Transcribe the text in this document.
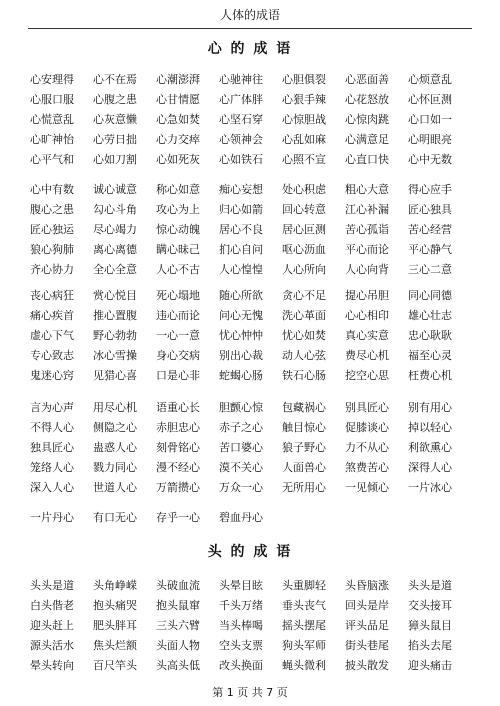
人体的成语
心 的 成 语
心安理得	心不在焉	心潮澎湃	心驰神往	心胆俱裂	心恶面善	心烦意乱
心服口服	心腹之患	心甘情愿	心广体胖	心狠手辣	心花怒放	心怀叵测
心慌意乱	心灰意懒	心急如焚	心坚石穿	心惊胆战	心惊肉跳	心口如一
心旷神怡	心劳日拙	心力交瘁	心领神会	心乱如麻	心满意足	心明眼亮
心平气和	心如刀割	心如死灰	心如铁石	心照不宣	心直口快	心中无数
心中有数	诚心诚意	称心如意	痴心妄想	处心积虑	粗心大意	得心应手
腹心之患	勾心斗角	攻心为上	归心如箭	回心转意	江心补漏	匠心独具
匠心独运	尽心竭力	惊心动魄	居心不良	居心叵测	苦心孤诣	苦心经营
狼心狗肺	离心离德	瞒心昧己	扪心自问	呕心沥血	平心而论	平心静气
齐心协力	全心全意	人心不古	人心惶惶	人心所向	人心向背	三心二意
丧心病狂	赏心悦目	死心塌地	随心所欲	贪心不足	提心吊胆	同心同德
痛心疾首	推心置腹	违心而论	问心无愧	洗心革面	心心相印	雄心壮志
虚心下气	野心勃勃	一心一意	忧心忡忡	忧心如焚	真心实意	忠心耿耿
专心致志	冰心雪操	身心交病	别出心裁	动人心弦	费尽心机	福至心灵
鬼迷心窍	见猎心喜	口是心非	蛇蝎心肠	铁石心肠	挖空心思	枉费心机
言为心声	用尽心机	语重心长	胆颤心惊	包藏祸心	别具匠心	别有用心
不得人心	侧隐之心	赤胆忠心	赤子之心	触目惊心	促膝谈心	掉以轻心
独具匠心	蛊惑人心	刻骨铭心	苦口婆心	狼子野心	力不从心	利欲熏心
笼络人心	戮力同心	漫不经心	漠不关心	人面兽心	煞费苦心	深得人心
深入人心	世道人心	万箭攒心	万众一心	无所用心	一见倾心	一片冰心
一片丹心	有口无心	存乎一心	碧血丹心
头 的 成 语
头头是道	头角峥嵘	头破血流	头晕目眩	头重脚轻	头昏脑涨	头头是道
白头偕老	抱头痛哭	抱头鼠窜	千头万绪	垂头丧气	回头是岸	交头接耳
迎头赶上	肥头胖耳	三头六臂	当头棒喝	摇头摆尾	评头品足	獐头鼠目
源头活水	焦头烂额	头面人物	空头支票	狗头军师	街头巷尾	掐头去尾
晕头转向	百尺竿头	头高头低	改头换面	蝇头微利	披头散发	迎头痛击
第 1 页 共 7 页
